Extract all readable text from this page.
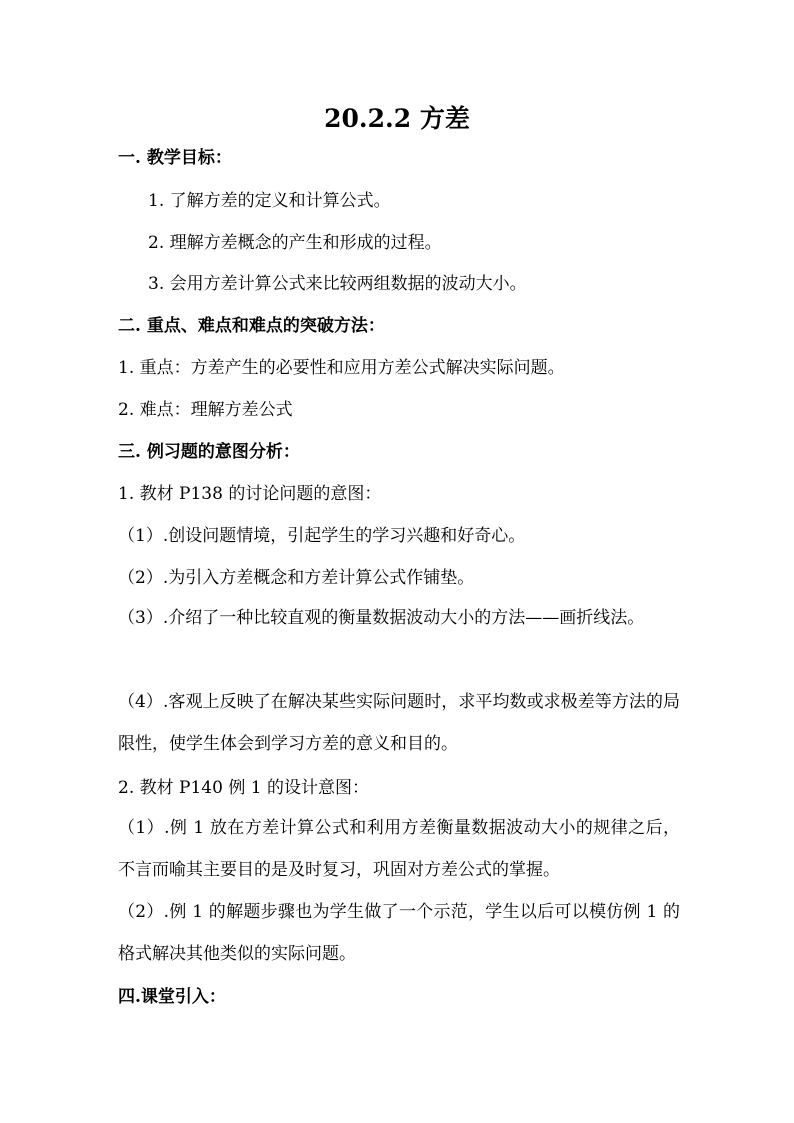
20.2.2 方差
一. 教学目标：
1. 了解方差的定义和计算公式。
2. 理解方差概念的产生和形成的过程。
3. 会用方差计算公式来比较两组数据的波动大小。
二. 重点、难点和难点的突破方法：
1. 重点：方差产生的必要性和应用方差公式解决实际问题。
2. 难点：理解方差公式
三. 例习题的意图分析：
1. 教材 P138 的讨论问题的意图：
（1）.创设问题情境，引起学生的学习兴趣和好奇心。
（2）.为引入方差概念和方差计算公式作铺垫。
（3）.介绍了一种比较直观的衡量数据波动大小的方法——画折线法。
（4）.客观上反映了在解决某些实际问题时，求平均数或求极差等方法的局限性，使学生体会到学习方差的意义和目的。
2. 教材 P140 例 1 的设计意图：
（1）.例 1 放在方差计算公式和利用方差衡量数据波动大小的规律之后，不言而喻其主要目的是及时复习，巩固对方差公式的掌握。
（2）.例 1 的解题步骤也为学生做了一个示范，学生以后可以模仿例 1 的格式解决其他类似的实际问题。
四.课堂引入：
